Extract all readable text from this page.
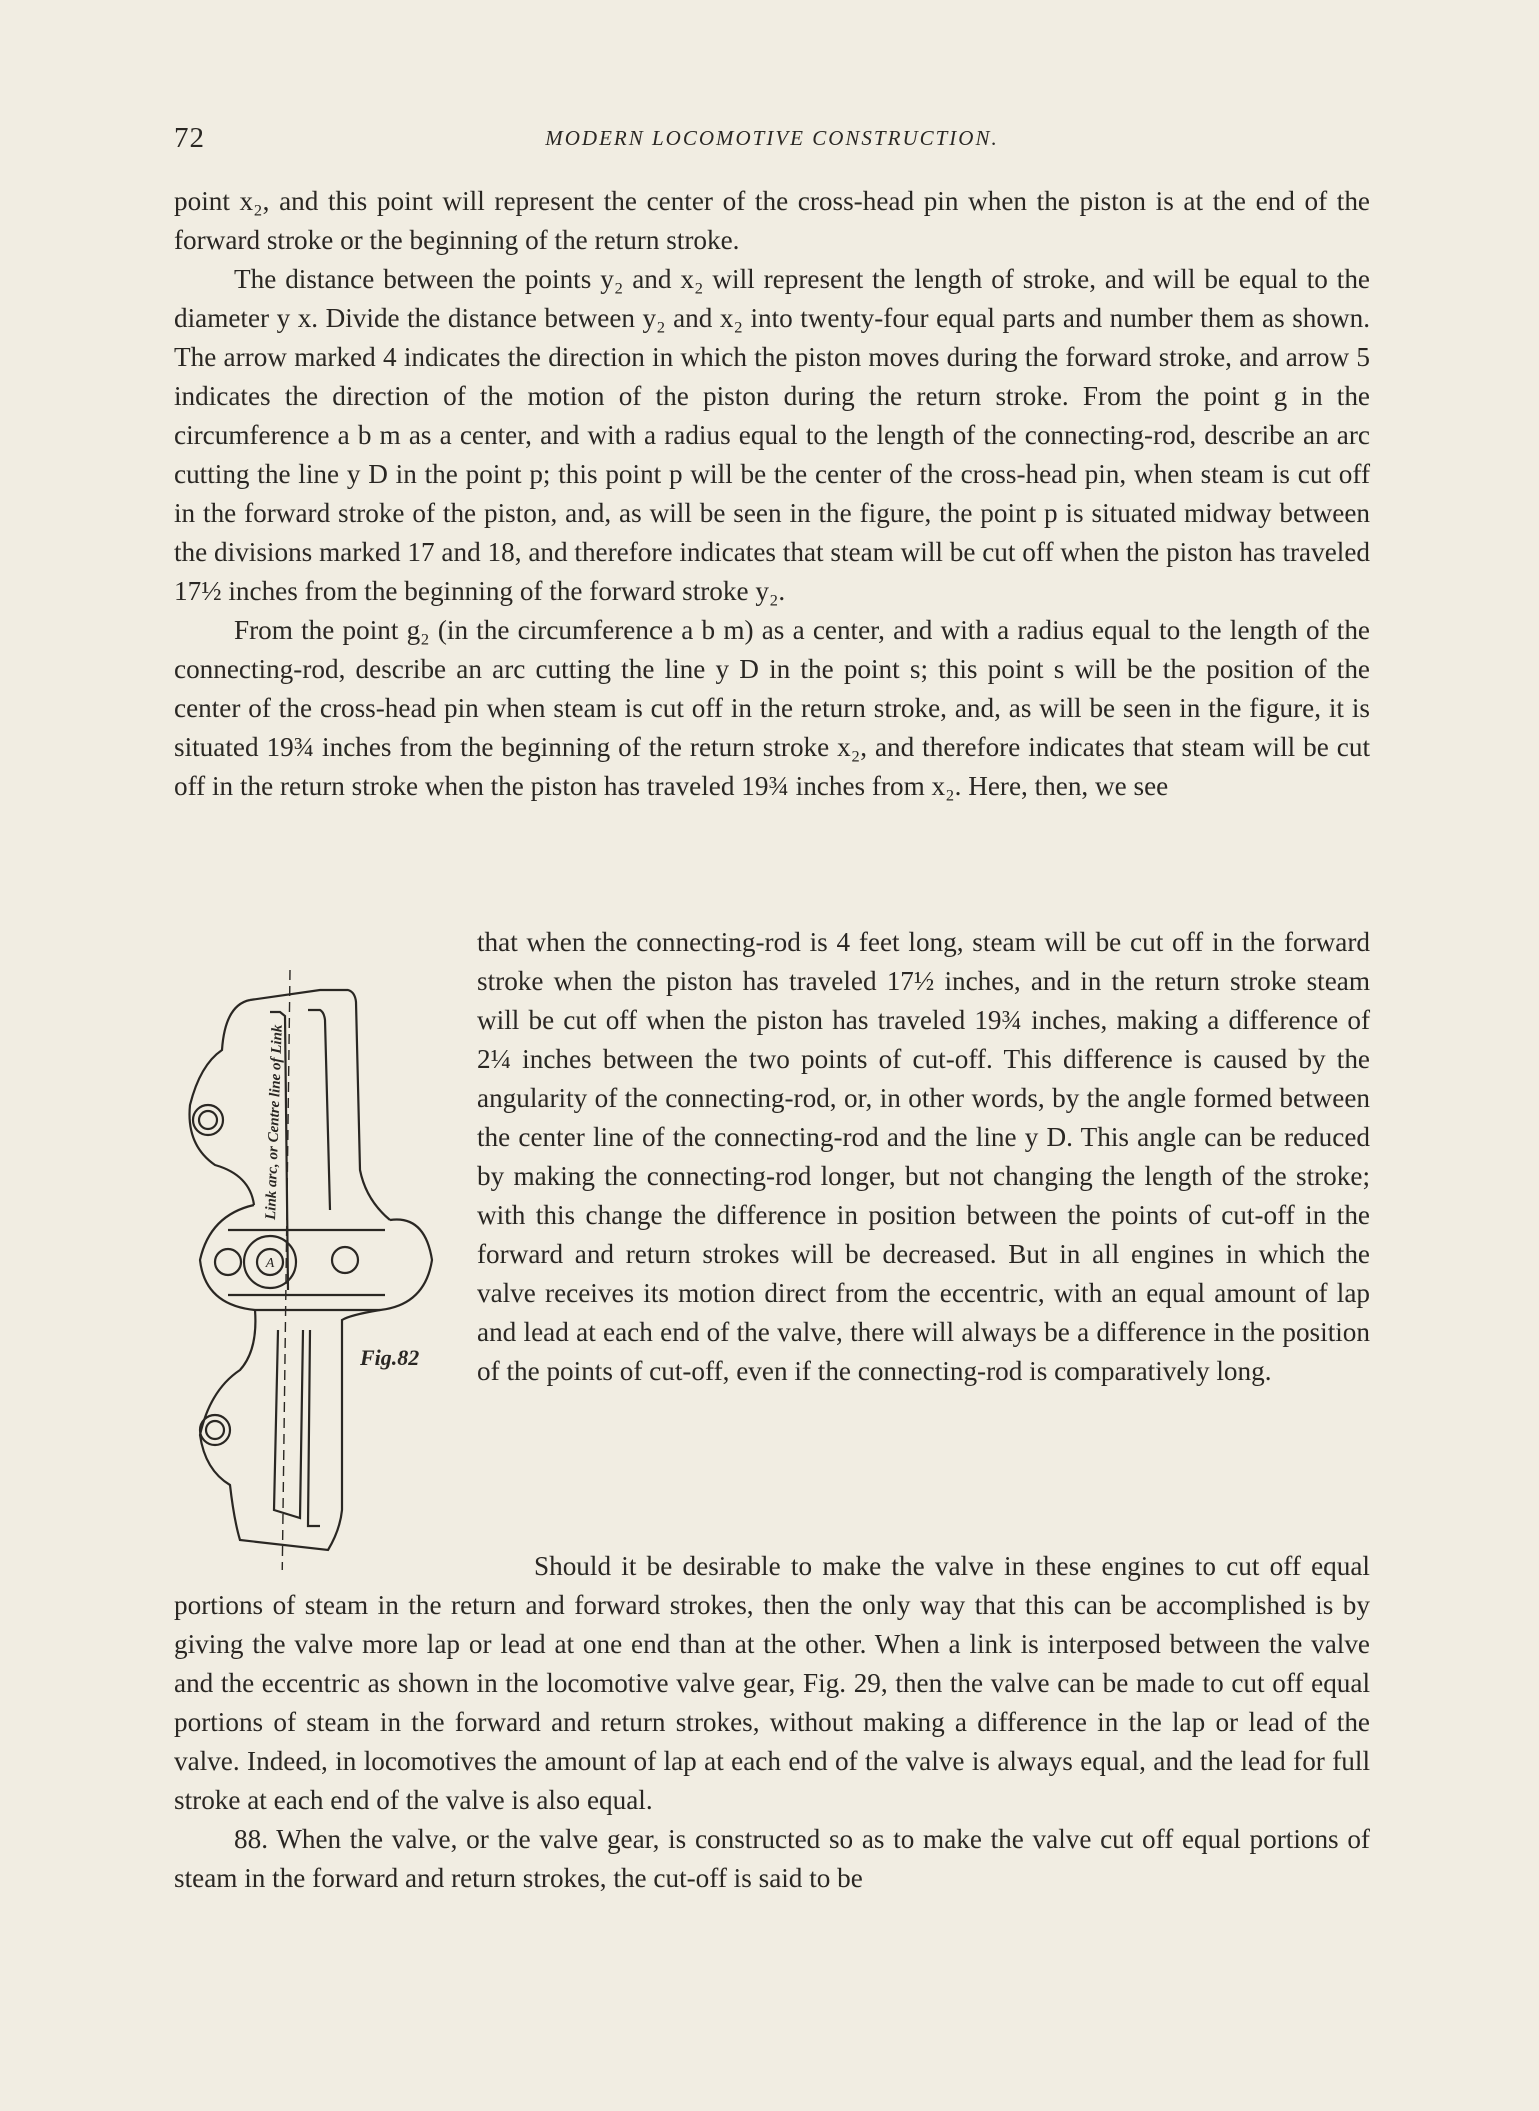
72	MODERN LOCOMOTIVE CONSTRUCTION.

point x₂, and this point will represent the center of the cross-head pin when the piston is at the end of the forward stroke or the beginning of the return stroke.

The distance between the points y₂ and x₂ will represent the length of stroke, and will be equal to the diameter y x. Divide the distance between y₂ and x₂ into twenty-four equal parts and number them as shown. The arrow marked 4 indicates the direction in which the piston moves during the forward stroke, and arrow 5 indicates the direction of the motion of the piston during the return stroke. From the point g in the circumference a b m as a center, and with a radius equal to the length of the connecting-rod, describe an arc cutting the line y D in the point p; this point p will be the center of the cross-head pin, when steam is cut off in the forward stroke of the piston, and, as will be seen in the figure, the point p is situated midway between the divisions marked 17 and 18, and therefore indicates that steam will be cut off when the piston has traveled 17½ inches from the beginning of the forward stroke y₂.

From the point g₂ (in the circumference a b m) as a center, and with a radius equal to the length of the connecting-rod, describe an arc cutting the line y D in the point s; this point s will be the position of the center of the cross-head pin when steam is cut off in the return stroke, and, as will be seen in the figure, it is situated 19¾ inches from the beginning of the return stroke x₂, and therefore indicates that steam will be cut off in the return stroke when the piston has traveled 19¾ inches from x₂. Here, then, we see

A
Link arc, or Centre line of Link
Fig.82
that when the connecting-rod is 4 feet long, steam will be cut off in the forward stroke when the piston has traveled 17½ inches, and in the return stroke steam will be cut off when the piston has traveled 19¾ inches, making a difference of 2¼ inches between the two points of cut-off. This difference is caused by the angularity of the connecting-rod, or, in other words, by the angle formed between the center line of the connecting-rod and the line y D. This angle can be reduced by making the connecting-rod longer, but not changing the length of the stroke; with this change the difference in position between the points of cut-off in the forward and return strokes will be decreased. But in all engines in which the valve receives its motion direct from the eccentric, with an equal amount of lap and lead at each end of the valve, there will always be a difference in the position of the points of cut-off, even if the connecting-rod is comparatively long.

Should it be desirable to make the valve in these engines to cut off equal portions of steam in the return and forward strokes, then the only way that this can be accomplished is by giving the valve more lap or lead at one end than at the other. When a link is interposed between the valve and the eccentric as shown in the locomotive valve gear, Fig. 29, then the valve can be made to cut off equal portions of steam in the forward and return strokes, without making a difference in the lap or lead of the valve. Indeed, in locomotives the amount of lap at each end of the valve is always equal, and the lead for full stroke at each end of the valve is also equal.

88. When the valve, or the valve gear, is constructed so as to make the valve cut off equal portions of steam in the forward and return strokes, the cut-off is said to be
